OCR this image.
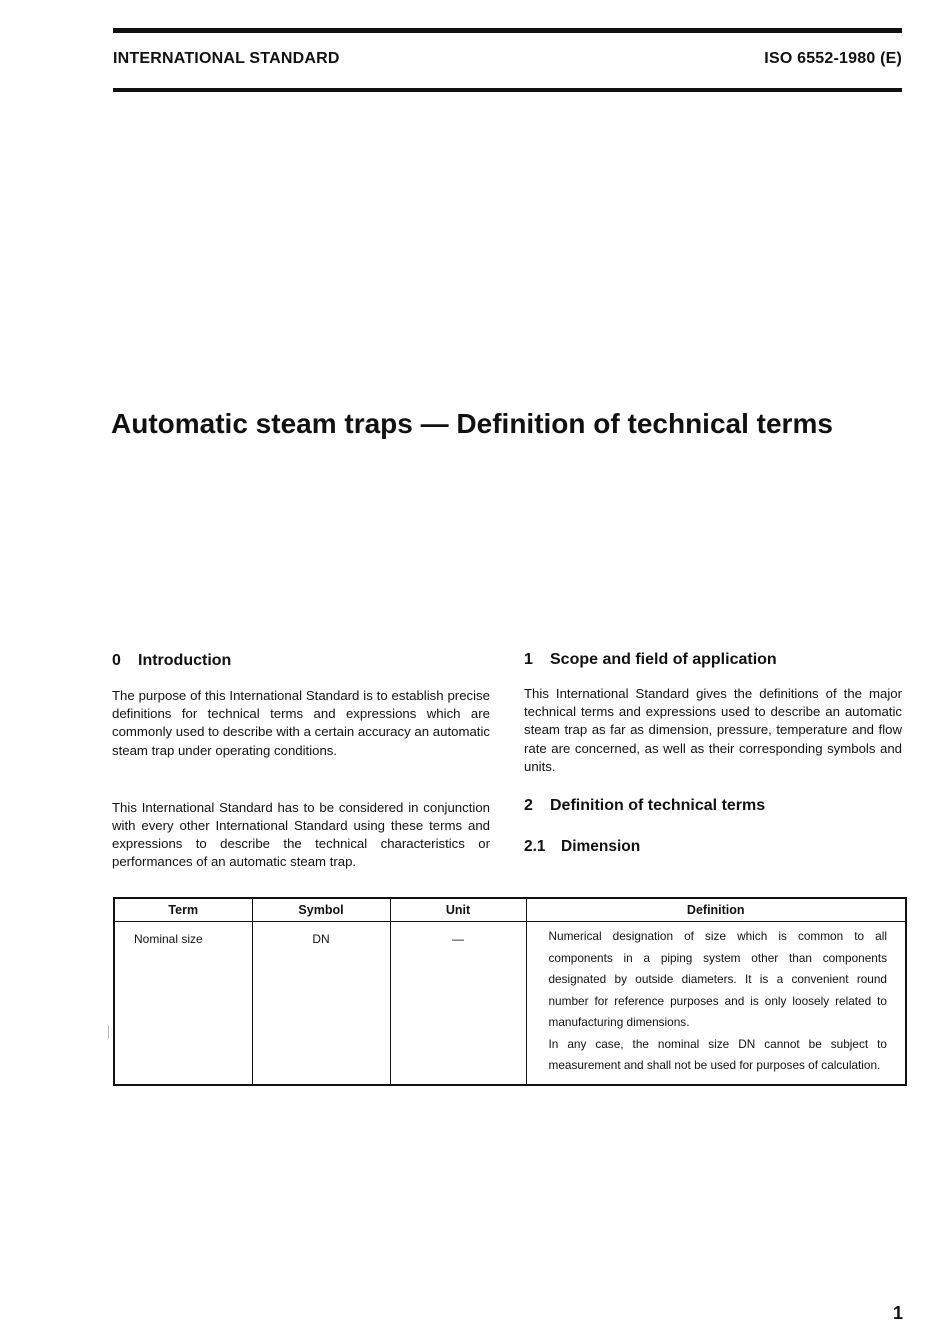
INTERNATIONAL STANDARD	ISO 6552-1980 (E)
Automatic steam traps — Definition of technical terms
0 Introduction

The purpose of this International Standard is to establish precise definitions for technical terms and expressions which are commonly used to describe with a certain accuracy an automatic steam trap under operating conditions.

This International Standard has to be considered in conjunction with every other International Standard using these terms and expressions to describe the technical characteristics or performances of an automatic steam trap.

1 Scope and field of application

This International Standard gives the definitions of the major technical terms and expressions used to describe an automatic steam trap as far as dimension, pressure, temperature and flow rate are concerned, as well as their corresponding symbols and units.

2 Definition of technical terms
2.1 Dimension
Term	Symbol	Unit	Definition
Nominal size	DN	—	Numerical designation of size which is common to all components in a piping system other than components designated by outside diameters. It is a convenient round number for reference purposes and is only loosely related to manufacturing dimensions.

In any case, the nominal size DN cannot be subject to measurement and shall not be used for purposes of calculation.

1
